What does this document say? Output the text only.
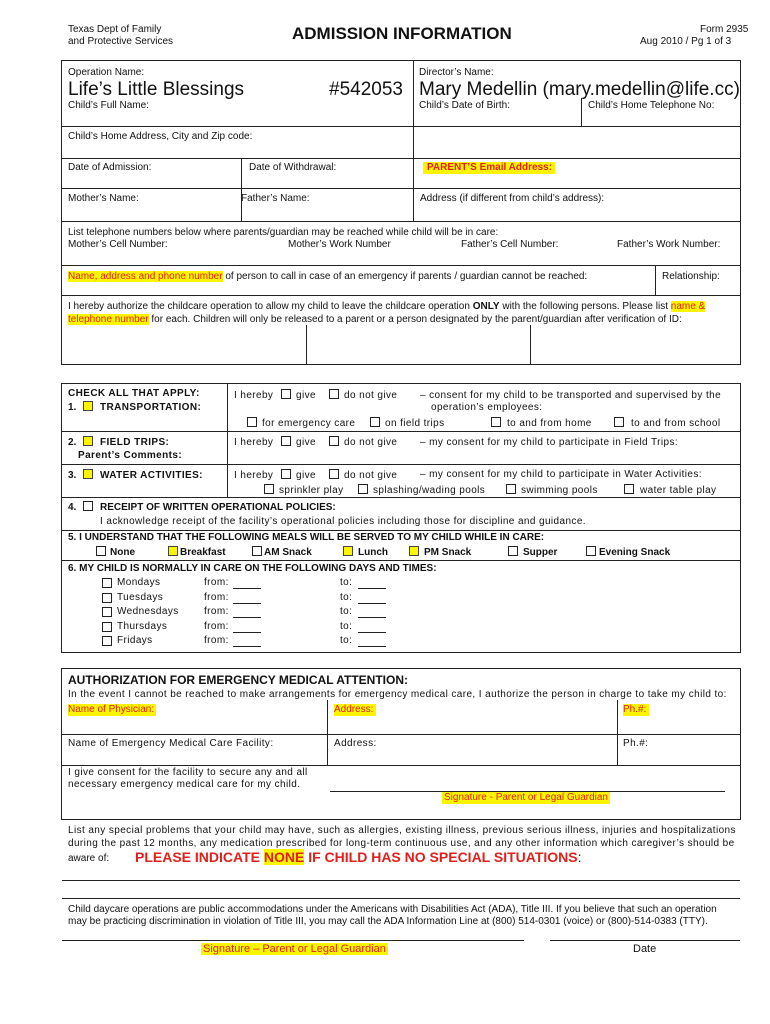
Texas Dept of Family
and Protective Services	ADMISSION INFORMATION	Form 2935
Aug 2010 / Pg 1 of 3
Operation Name:
Life’s Little Blessings	#542053
Director’s Name:
Mary Medellin (mary.medellin@life.cc)
Child’s Full Name:	Child’s Date of Birth:	Child’s Home Telephone No:
Child’s Home Address, City and Zip code:
Date of Admission:	Date of Withdrawal:	PARENT’S Email Address:
Mother’s Name:	Father’s Name:	Address (if different from child’s address):
List telephone numbers below where parents/guardian may be reached while child will be in care:
Mother’s Cell Number:	Mother’s Work Number	Father’s Cell Number:	Father’s Work Number:
Name, address and phone number of person to call in case of an emergency if parents / guardian cannot be reached:	Relationship:
I hereby authorize the childcare operation to allow my child to leave the childcare operation ONLY with the following persons. Please list name &
telephone number for each. Children will only be released to a parent or a person designated by the parent/guardian after verification of ID:
CHECK ALL THAT APPLY:
1. TRANSPORTATION:
I hereby give	do not give – consent for my child to be transported and supervised by the
operation’s employees:
for emergency care	on field trips	to and from home	to and from school
2. FIELD TRIPS:
Parent’s Comments:
I hereby give	do not give – my consent for my child to participate in Field Trips:
3. WATER ACTIVITIES:	I hereby give	do not give – my consent for my child to participate in Water Activities:
sprinkler play	splashing/wading pools	swimming pools	water table play
4. RECEIPT OF WRITTEN OPERATIONAL POLICIES:
I acknowledge receipt of the facility’s operational policies including those for discipline and guidance.
5. I UNDERSTAND THAT THE FOLLOWING MEALS WILL BE SERVED TO MY CHILD WHILE IN CARE:
None	Breakfast	AM Snack	Lunch	PM Snack	Supper	Evening Snack
6. MY CHILD IS NORMALLY IN CARE ON THE FOLLOWING DAYS AND TIMES:
Mondays	from:	to:
Tuesdays	from:	to:
Wednesdays	from:	to:
Thursdays	from:	to:
Fridays	from:	to:
AUTHORIZATION FOR EMERGENCY MEDICAL ATTENTION:
In the event I cannot be reached to make arrangements for emergency medical care, I authorize the person in charge to take my child to:
Name of Physician:	Address:	Ph.#:
Name of Emergency Medical Care Facility:	Address:	Ph.#:
I give consent for the facility to secure any and all
necessary emergency medical care for my child.
Signature - Parent or Legal Guardian
List any special problems that your child may have, such as allergies, existing illness, previous serious illness, injuries and hospitalizations
during the past 12 months, any medication prescribed for long-term continuous use, and any other information which caregiver’s should be
aware of: PLEASE INDICATE NONE IF CHILD HAS NO SPECIAL SITUATIONS:
Child daycare operations are public accommodations under the Americans with Disabilities Act (ADA), Title III. If you believe that such an operation
may be practicing discrimination in violation of Title III, you may call the ADA Information Line at (800) 514-0301 (voice) or (800)-514-0383 (TTY).
Signature – Parent or Legal Guardian	Date
